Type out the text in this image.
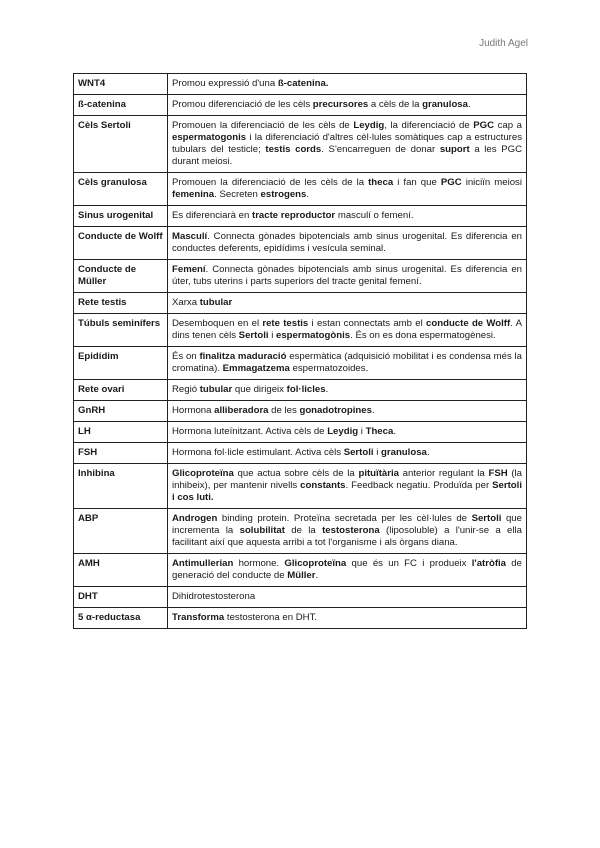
Judith Agel
WNT4	Promou expressió d'una ß-catenina.
ß-catenina	Promou diferenciació de les cèls precursores a cèls de la granulosa.
Cèls Sertoli	Promouen la diferenciació de les cèls de Leydig, la diferenciació de PGC cap a espermatogonis i la diferenciació d'altres cèl·lules somàtiques cap a estructures tubulars del testicle; testis cords. S'encarreguen de donar suport a les PGC durant meiosi.
Cèls granulosa	Promouen la diferenciació de les cèls de la theca i fan que PGC iniciïn meiosi femenina. Secreten estrogens.
Sinus urogenital	Es diferenciarà en tracte reproductor masculí o femení.
Conducte de Wolff	Masculí. Connecta gònades bipotencials amb sinus urogenital. Es diferencia en conductes deferents, epidídims i vesícula seminal.
Conducte de Müller	Femení. Connecta gònades bipotencials amb sinus urogenital. Es diferencia en úter, tubs uterins i parts superiors del tracte genital femení.
Rete testis	Xarxa tubular
Túbuls seminífers	Desemboquen en el rete testis i estan connectats amb el conducte de Wolff. A dins tenen cèls Sertoli i espermatogònis. És on es dona espermatogènesi.
Epidídim	És on finalitza maduració espermàtica (adquisició mobilitat i es condensa més la cromatina). Emmagatzema espermatozoides.
Rete ovari	Regió tubular que dirigeix fol·licles.
GnRH	Hormona alliberadora de les gonadotropines.
LH	Hormona luteïnitzant. Activa cèls de Leydig i Theca.
FSH	Hormona fol·licle estimulant. Activa cèls Sertoli i granulosa.
Inhibina	Glicoproteïna que actua sobre cèls de la pituïtària anterior regulant la FSH (la inhibeix), per mantenir nivells constants. Feedback negatiu. Produïda per Sertoli i cos luti.
ABP	Androgen binding protein. Proteïna secretada per les cèl·lules de Sertoli que incrementa la solubilitat de la testosterona (liposoluble) a l'unir-se a ella facilitant així que aquesta arribi a tot l'organisme i als òrgans diana.
AMH	Antimullerian hormone. Glicoproteïna que és un FC i produeix l'atròfia de generació del conducte de Müller.
DHT	Dihidrotestosterona
5 α-reductasa	Transforma testosterona en DHT.
